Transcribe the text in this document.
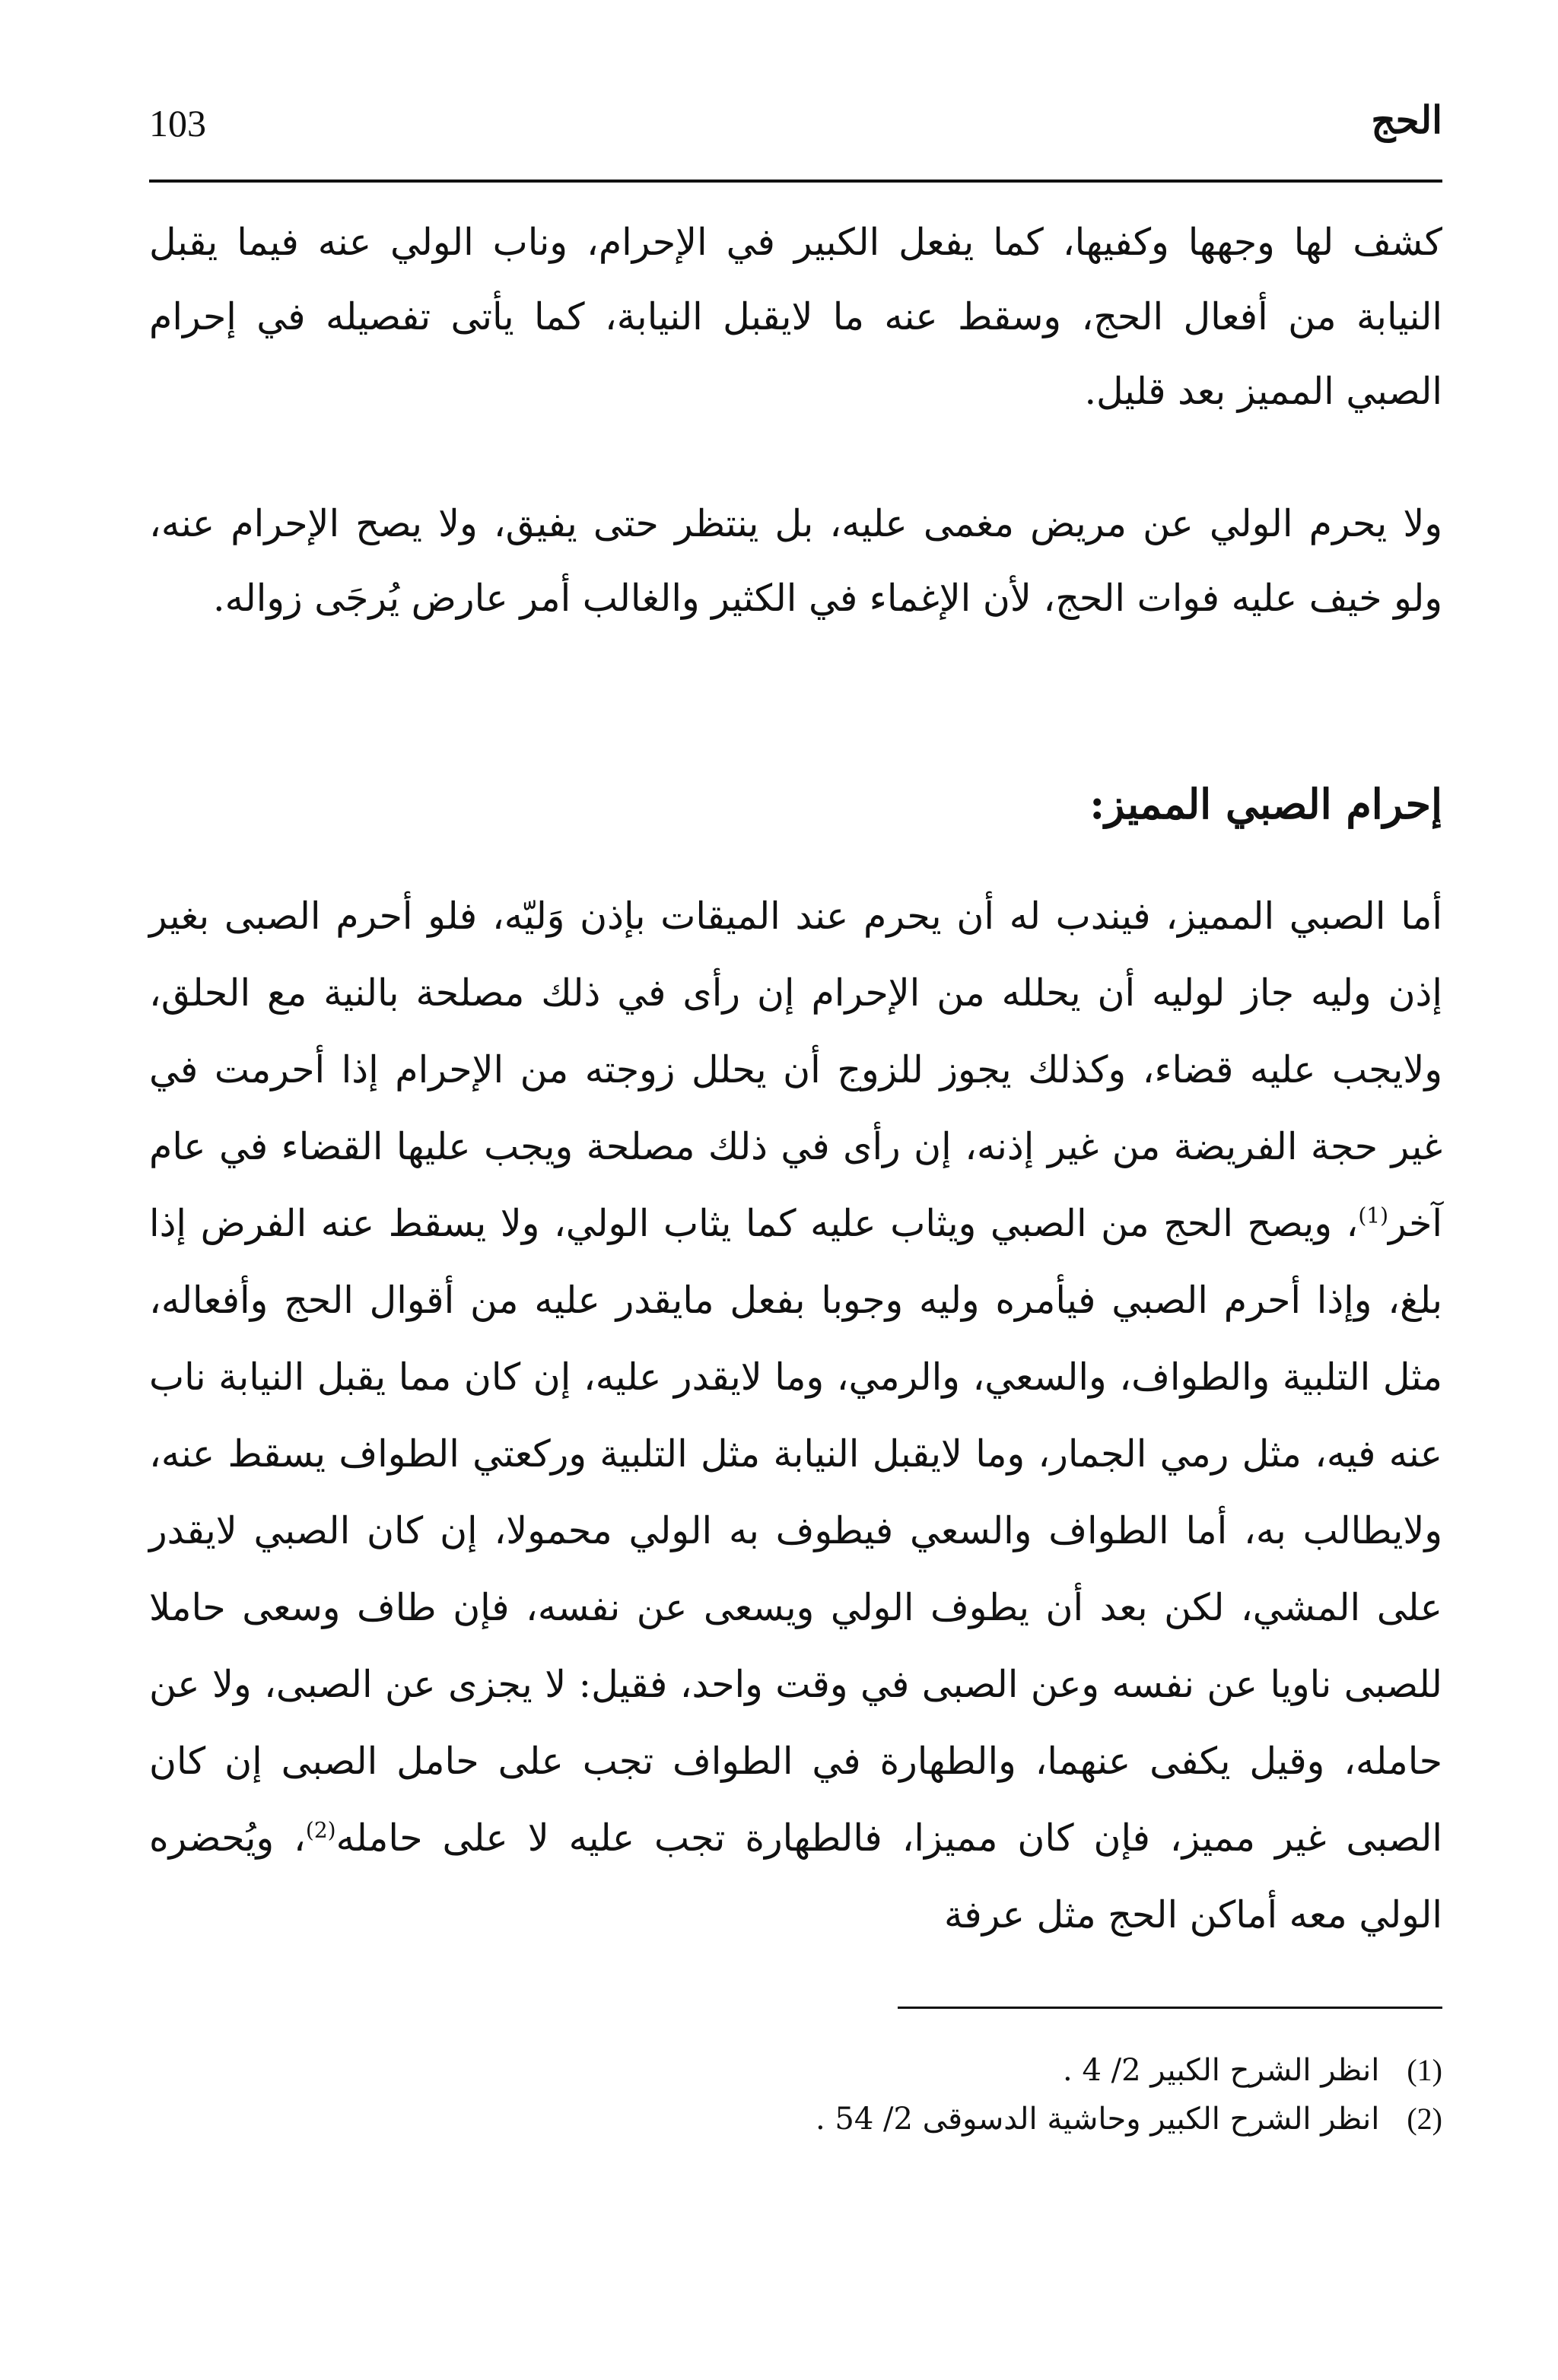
الحج
103

كشف لها وجهها وكفيها، كما يفعل الكبير في الإحرام، وناب الولي عنه فيما يقبل النيابة من أفعال الحج، وسقط عنه ما لايقبل النيابة، كما يأتى تفصيله في إحرام الصبي المميز بعد قليل.

ولا يحرم الولي عن مريض مغمى عليه، بل ينتظر حتى يفيق، ولا يصح الإحرام عنه، ولو خيف عليه فوات الحج، لأن الإغماء في الكثير والغالب أمر عارض يُرجَى زواله.

إحرام الصبي المميز:

أما الصبي المميز، فيندب له أن يحرم عند الميقات بإذن وَليّه، فلو أحرم الصبى بغير إذن وليه جاز لوليه أن يحلله من الإحرام إن رأى في ذلك مصلحة بالنية مع الحلق، ولايجب عليه قضاء، وكذلك يجوز للزوج أن يحلل زوجته من الإحرام إذا أحرمت في غير حجة الفريضة من غير إذنه، إن رأى في ذلك مصلحة ويجب عليها القضاء في عام آخر$^{(1)}$، ويصح الحج من الصبي ويثاب عليه كما يثاب الولي، ولا يسقط عنه الفرض إذا بلغ، وإذا أحرم الصبي فيأمره وليه وجوبا بفعل مايقدر عليه من أقوال الحج وأفعاله، مثل التلبية والطواف، والسعي، والرمي، وما لايقدر عليه، إن كان مما يقبل النيابة ناب عنه فيه، مثل رمي الجمار، وما لايقبل النيابة مثل التلبية وركعتي الطواف يسقط عنه، ولايطالب به، أما الطواف والسعي فيطوف به الولي محمولا، إن كان الصبي لايقدر على المشي، لكن بعد أن يطوف الولي ويسعى عن نفسه، فإن طاف وسعى حاملا للصبى ناويا عن نفسه وعن الصبى في وقت واحد، فقيل: لا يجزى عن الصبى، ولا عن حامله، وقيل يكفى عنهما، والطهارة في الطواف تجب على حامل الصبى إن كان الصبى غير مميز، فإن كان مميزا، فالطهارة تجب عليه لا على حامله$^{(2)}$، ويُحضره الولي معه أماكن الحج مثل عرفة

(1)
انظر الشرح الكبير 2/ 4 .
(2)
انظر الشرح الكبير وحاشية الدسوقى 2/ 54 .
